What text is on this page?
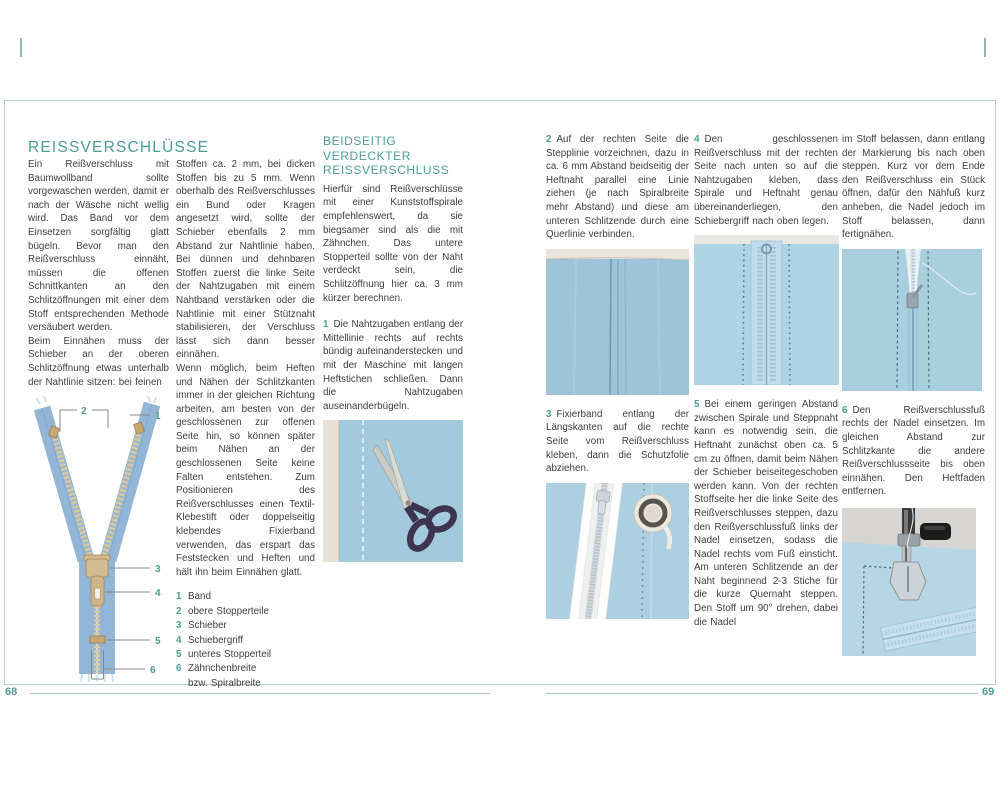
REISSVERSCHLÜSSE

Ein Reißverschluss mit Baumwollband sollte vorgewaschen werden, damit er nach der Wäsche nicht wellig wird. Das Band vor dem Einsetzen sorgfältig glatt bügeln. Bevor man den Reißverschluss einnäht, müssen die offenen Schnittkanten an den Schlitzöffnungen mit einer dem Stoff entsprechenden Methode versäubert werden.

Beim Einnähen muss der Schieber an der oberen Schlitzöffnung etwas unterhalb der Nahtlinie sitzen: bei feinen

Stoffen ca. 2 mm, bei dicken Stoffen bis zu 5 mm. Wenn oberhalb des Reißverschlusses ein Bund oder Kragen angesetzt wird, sollte der Schieber ebenfalls 2 mm Abstand zur Nahtlinie haben. Bei dünnen und dehnbaren Stoffen zuerst die linke Seite der Nahtzugaben mit einem Nahtband verstärken oder die Nahtlinie mit einer Stütznaht stabilisieren, der Verschluss lässt sich dann besser einnähen.

Wenn möglich, beim Heften und Nähen der Schlitzkanten immer in der gleichen Richtung arbeiten, am besten von der geschlossenen zur offenen Seite hin, so können später beim Nähen an der geschlossenen Seite keine Falten entstehen. Zum Positionieren des Reißverschlusses einen Textil-Klebestift oder doppelseitig klebendes Fixierband verwenden, das erspart das Feststecken und Heften und hält ihn beim Einnähen glatt.

1 Band

2 obere Stopperteile

3 Schieber

4 Schiebergriff

5 unteres Stopperteil

6 Zähnchenbreite
bzw. Spiralbreite

2	1
3
4
5
6
BEIDSEITIG VERDECKTER REISSVERSCHLUSS

Hierfür sind Reißverschlüsse mit einer Kunststoffspirale empfehlenswert, da sie biegsamer sind als die mit Zähnchen. Das untere Stopperteil sollte von der Naht verdeckt sein, die Schlitzöffnung hier ca. 3 mm kürzer berechnen.

1 Die Nahtzugaben entlang der Mittellinie rechts auf rechts bündig aufeinanderstecken und mit der Maschine mit langen Heftstichen schließen. Dann die Nahtzugaben auseinanderbügeln.

2 Auf der rechten Seite die Stepplinie vorzeichnen, dazu in ca. 6 mm Abstand beidseitig der Heftnaht parallel eine Linie ziehen (je nach Spiralbreite mehr Abstand) und diese am unteren Schlitzende durch eine Querlinie verbinden.

3 Fixierband entlang der Längskanten auf die rechte Seite vom Reißverschluss kleben, dann die Schutzfolie abziehen.

4 Den geschlossenen Reißverschluss mit der rechten Seite nach unten so auf die Nahtzugaben kleben, dass Spirale und Heftnaht genau übereinanderliegen, den Schiebergriff nach oben legen.

5 Bei einem geringen Abstand zwischen Spirale und Steppnaht kann es notwendig sein, die Heftnaht zunächst oben ca. 5 cm zu öffnen, damit beim Nähen der Schieber beiseitegeschoben werden kann. Von der rechten Stoffseite her die linke Seite des Reißverschlusses steppen, dazu den Reißverschlussfuß links der Nadel einsetzen, sodass die Nadel rechts vom Fuß einsticht. Am unteren Schlitzende an der Naht beginnend 2-3 Stiche für die kurze Quernaht steppen. Den Stoff um 90° drehen, dabei die Nadel

im Stoff belassen, dann entlang der Markierung bis nach oben steppen. Kurz vor dem Ende den Reißverschluss ein Stück öffnen, dafür den Nähfuß kurz anheben, die Nadel jedoch im Stoff belassen, dann fertignähen.

6 Den Reißverschlussfuß rechts der Nadel einsetzen. Im gleichen Abstand zur Schlitzkante die andere Reißverschlussseite bis oben einnähen. Den Heftfaden entfernen.

68	69
